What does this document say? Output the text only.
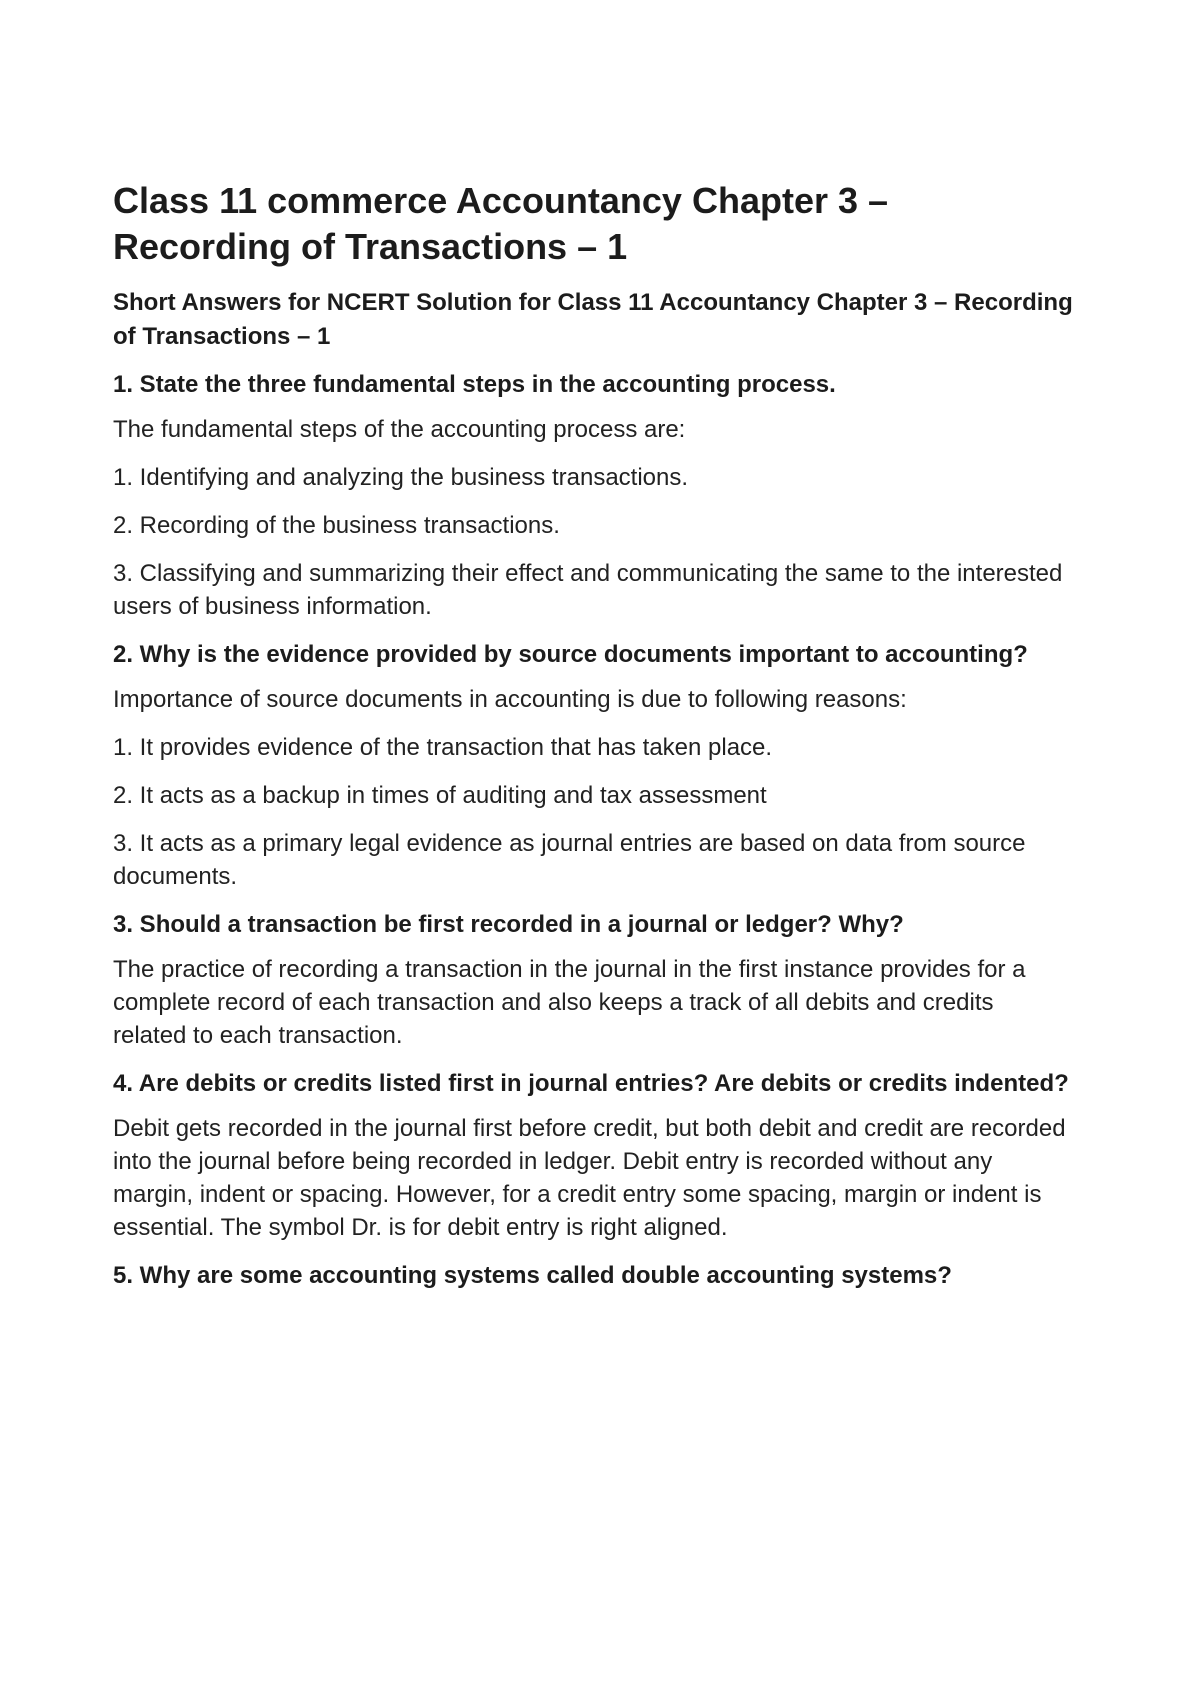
Class 11 commerce Accountancy Chapter 3 – Recording of Transactions – 1
Short Answers for NCERT Solution for Class 11 Accountancy Chapter 3 – Recording of Transactions – 1
1. State the three fundamental steps in the accounting process.

The fundamental steps of the accounting process are:

1. Identifying and analyzing the business transactions.

2. Recording of the business transactions.

3. Classifying and summarizing their effect and communicating the same to the interested users of business information.

2. Why is the evidence provided by source documents important to accounting?

Importance of source documents in accounting is due to following reasons:

1. It provides evidence of the transaction that has taken place.

2. It acts as a backup in times of auditing and tax assessment

3. It acts as a primary legal evidence as journal entries are based on data from source documents.

3. Should a transaction be first recorded in a journal or ledger? Why?

The practice of recording a transaction in the journal in the first instance provides for a complete record of each transaction and also keeps a track of all debits and credits related to each transaction.

4. Are debits or credits listed first in journal entries? Are debits or credits indented?

Debit gets recorded in the journal first before credit, but both debit and credit are recorded into the journal before being recorded in ledger. Debit entry is recorded without any margin, indent or spacing. However, for a credit entry some spacing, margin or indent is essential. The symbol Dr. is for debit entry is right aligned.

5. Why are some accounting systems called double accounting systems?
